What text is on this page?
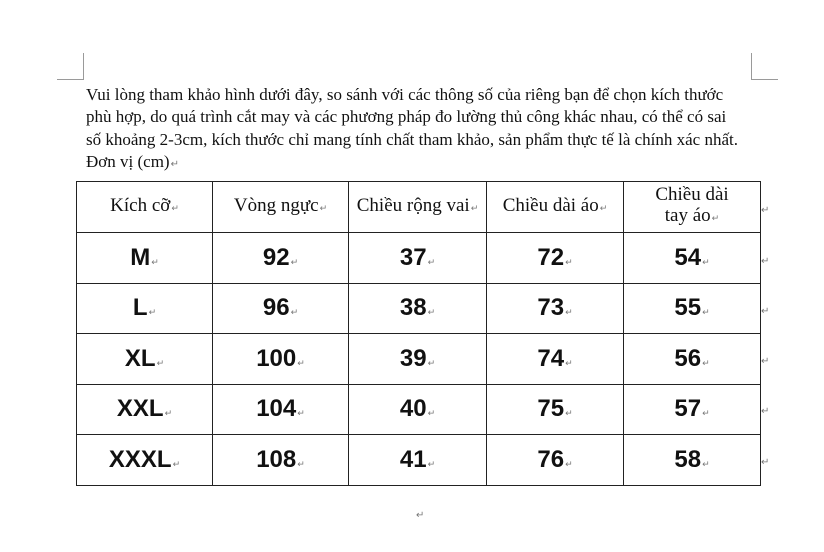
Vui lòng tham khảo hình dưới đây, so sánh với các thông số của riêng bạn để chọn kích thước
phù hợp, do quá trình cắt may và các phương pháp đo lường thủ công khác nhau, có thể có sai
số khoảng 2-3cm, kích thước chỉ mang tính chất tham khảo, sản phẩm thực tế là chính xác nhất.
Đơn vị (cm)↵
Kích cỡ↵	Vòng ngực↵	Chiều rộng vai↵	Chiều dài áo↵	Chiều dài
tay áo↵
M↵	92↵	37↵	72↵	54↵
L↵	96↵	38↵	73↵	55↵
XL↵	100↵	39↵	74↵	56↵
XXL↵	104↵	40↵	75↵	57↵
XXXL↵	108↵	41↵	76↵	58↵
↵
↵
↵
↵
↵
↵
↵
